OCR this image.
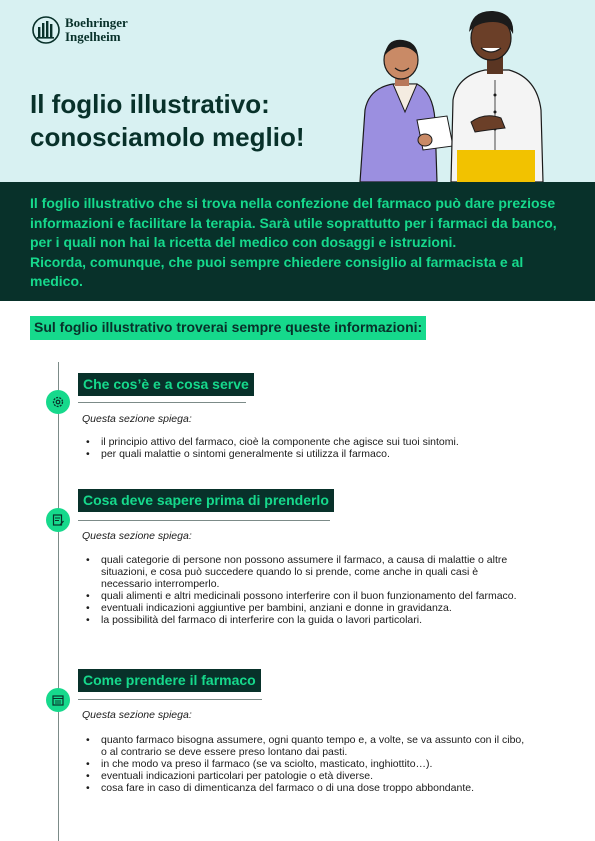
Boehringer
Ingelheim
Il foglio illustrativo:
conosciamolo meglio!

Il foglio illustrativo che si trova nella confezione del farmaco può dare preziose informazioni e facilitare la terapia. Sarà utile soprattutto per i farmaci da banco, per i quali non hai la ricetta del medico con dosaggi e istruzioni.

Ricorda, comunque, che puoi sempre chiedere consiglio al farmacista e al medico.

Sul foglio illustrativo troverai sempre queste informazioni:
Che cos’è e a cosa serve
Questa sezione spiega:
• il principio attivo del farmaco, cioè la componente che agisce sui tuoi sintomi.
• per quali malattie o sintomi generalmente si utilizza il farmaco.
Cosa deve sapere prima di prenderlo
Questa sezione spiega:
• quali categorie di persone non possono assumere il farmaco, a causa di malattie o altre situazioni, e cosa può succedere quando lo si prende, come anche in quali casi è necessario interromperlo.
• quali alimenti e altri medicinali possono interferire con il buon funzionamento del farmaco.
• eventuali indicazioni aggiuntive per bambini, anziani e donne in gravidanza.
• la possibilità del farmaco di interferire con la guida o lavori particolari.
Come prendere il farmaco
Questa sezione spiega:
• quanto farmaco bisogna assumere, ogni quanto tempo e, a volte, se va assunto con il cibo, o al contrario se deve essere preso lontano dai pasti.
• in che modo va preso il farmaco (se va sciolto, masticato, inghiottito…).
• eventuali indicazioni particolari per patologie o età diverse.
• cosa fare in caso di dimenticanza del farmaco o di una dose troppo abbondante.
